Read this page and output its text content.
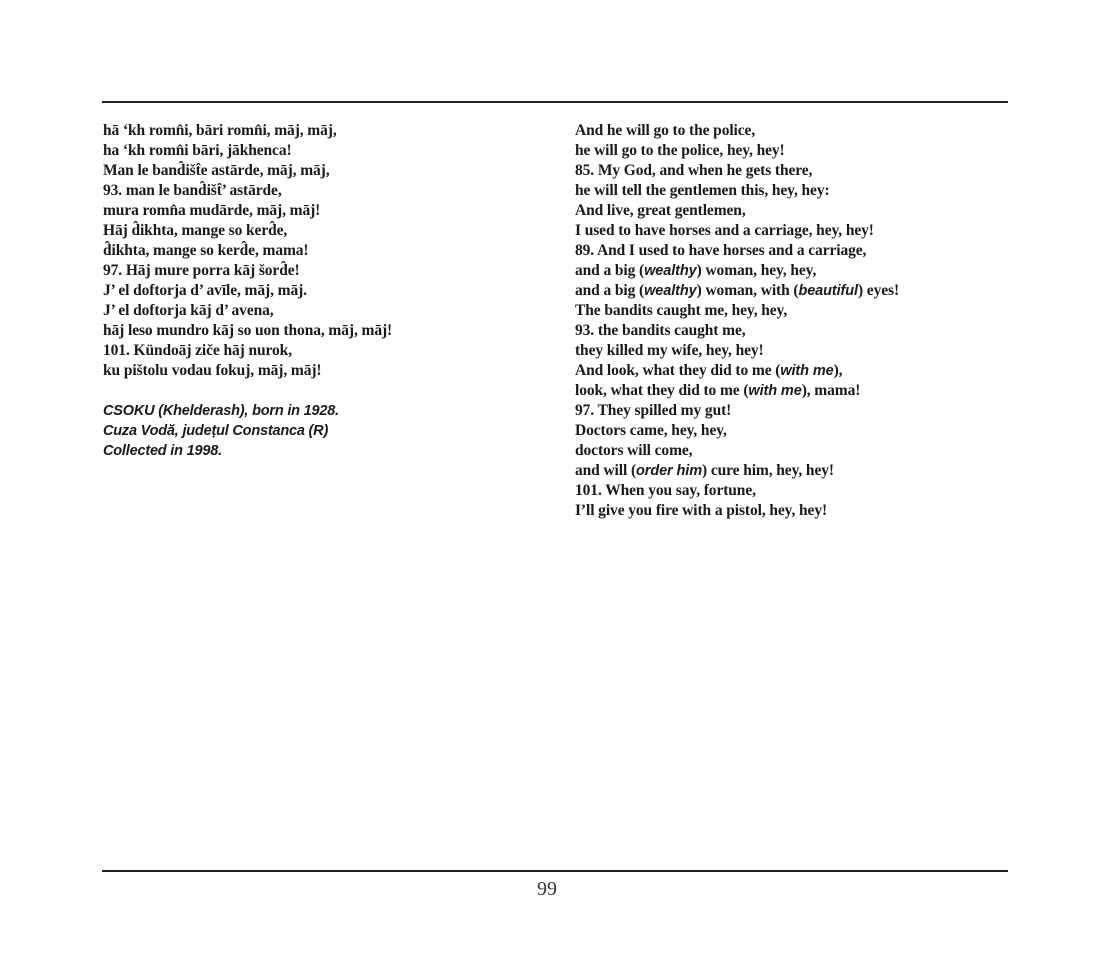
hā ‘kh romn̂i, bāri romn̂i, māj, māj,
ha ‘kh romn̂i bāri, jākhenca!
Man le band̂išt̂e astārde, māj, māj,
93. man le band̂išt̂’ astārde,
mura romn̂a mudārde, māj, māj!
Hāj d̂ikhta, mange so kerd̂e,
d̂ikhta, mange so kerd̂e, mama!
97. Hāj mure porra kāj šord̂e!
J’ el doftorja d’ avīle, māj, māj.
J’ el doftorja kāj d’ avena,
hāj leso mundro kāj so uon thona, māj, māj!
101. Kündoāj zičе hāj nurok,
ku pištolu vodau fokuj, māj, māj!
CSOKU (Khelderash), born in 1928.
Cuza Vodă, județul Constanca (R)
Collected in 1998.
And he will go to the police,
he will go to the police, hey, hey!
85. My God, and when he gets there,
he will tell the gentlemen this, hey, hey:
And live, great gentlemen,
I used to have horses and a carriage, hey, hey!
89. And I used to have horses and a carriage,
and a big (wealthy) woman, hey, hey,
and a big (wealthy) woman, with (beautiful) eyes!
The bandits caught me, hey, hey,
93. the bandits caught me,
they killed my wife, hey, hey!
And look, what they did to me (with me),
look, what they did to me (with me), mama!
97. They spilled my gut!
Doctors came, hey, hey,
doctors will come,
and will (order him) cure him, hey, hey!
101. When you say, fortune,
I’ll give you fire with a pistol, hey, hey!
99
